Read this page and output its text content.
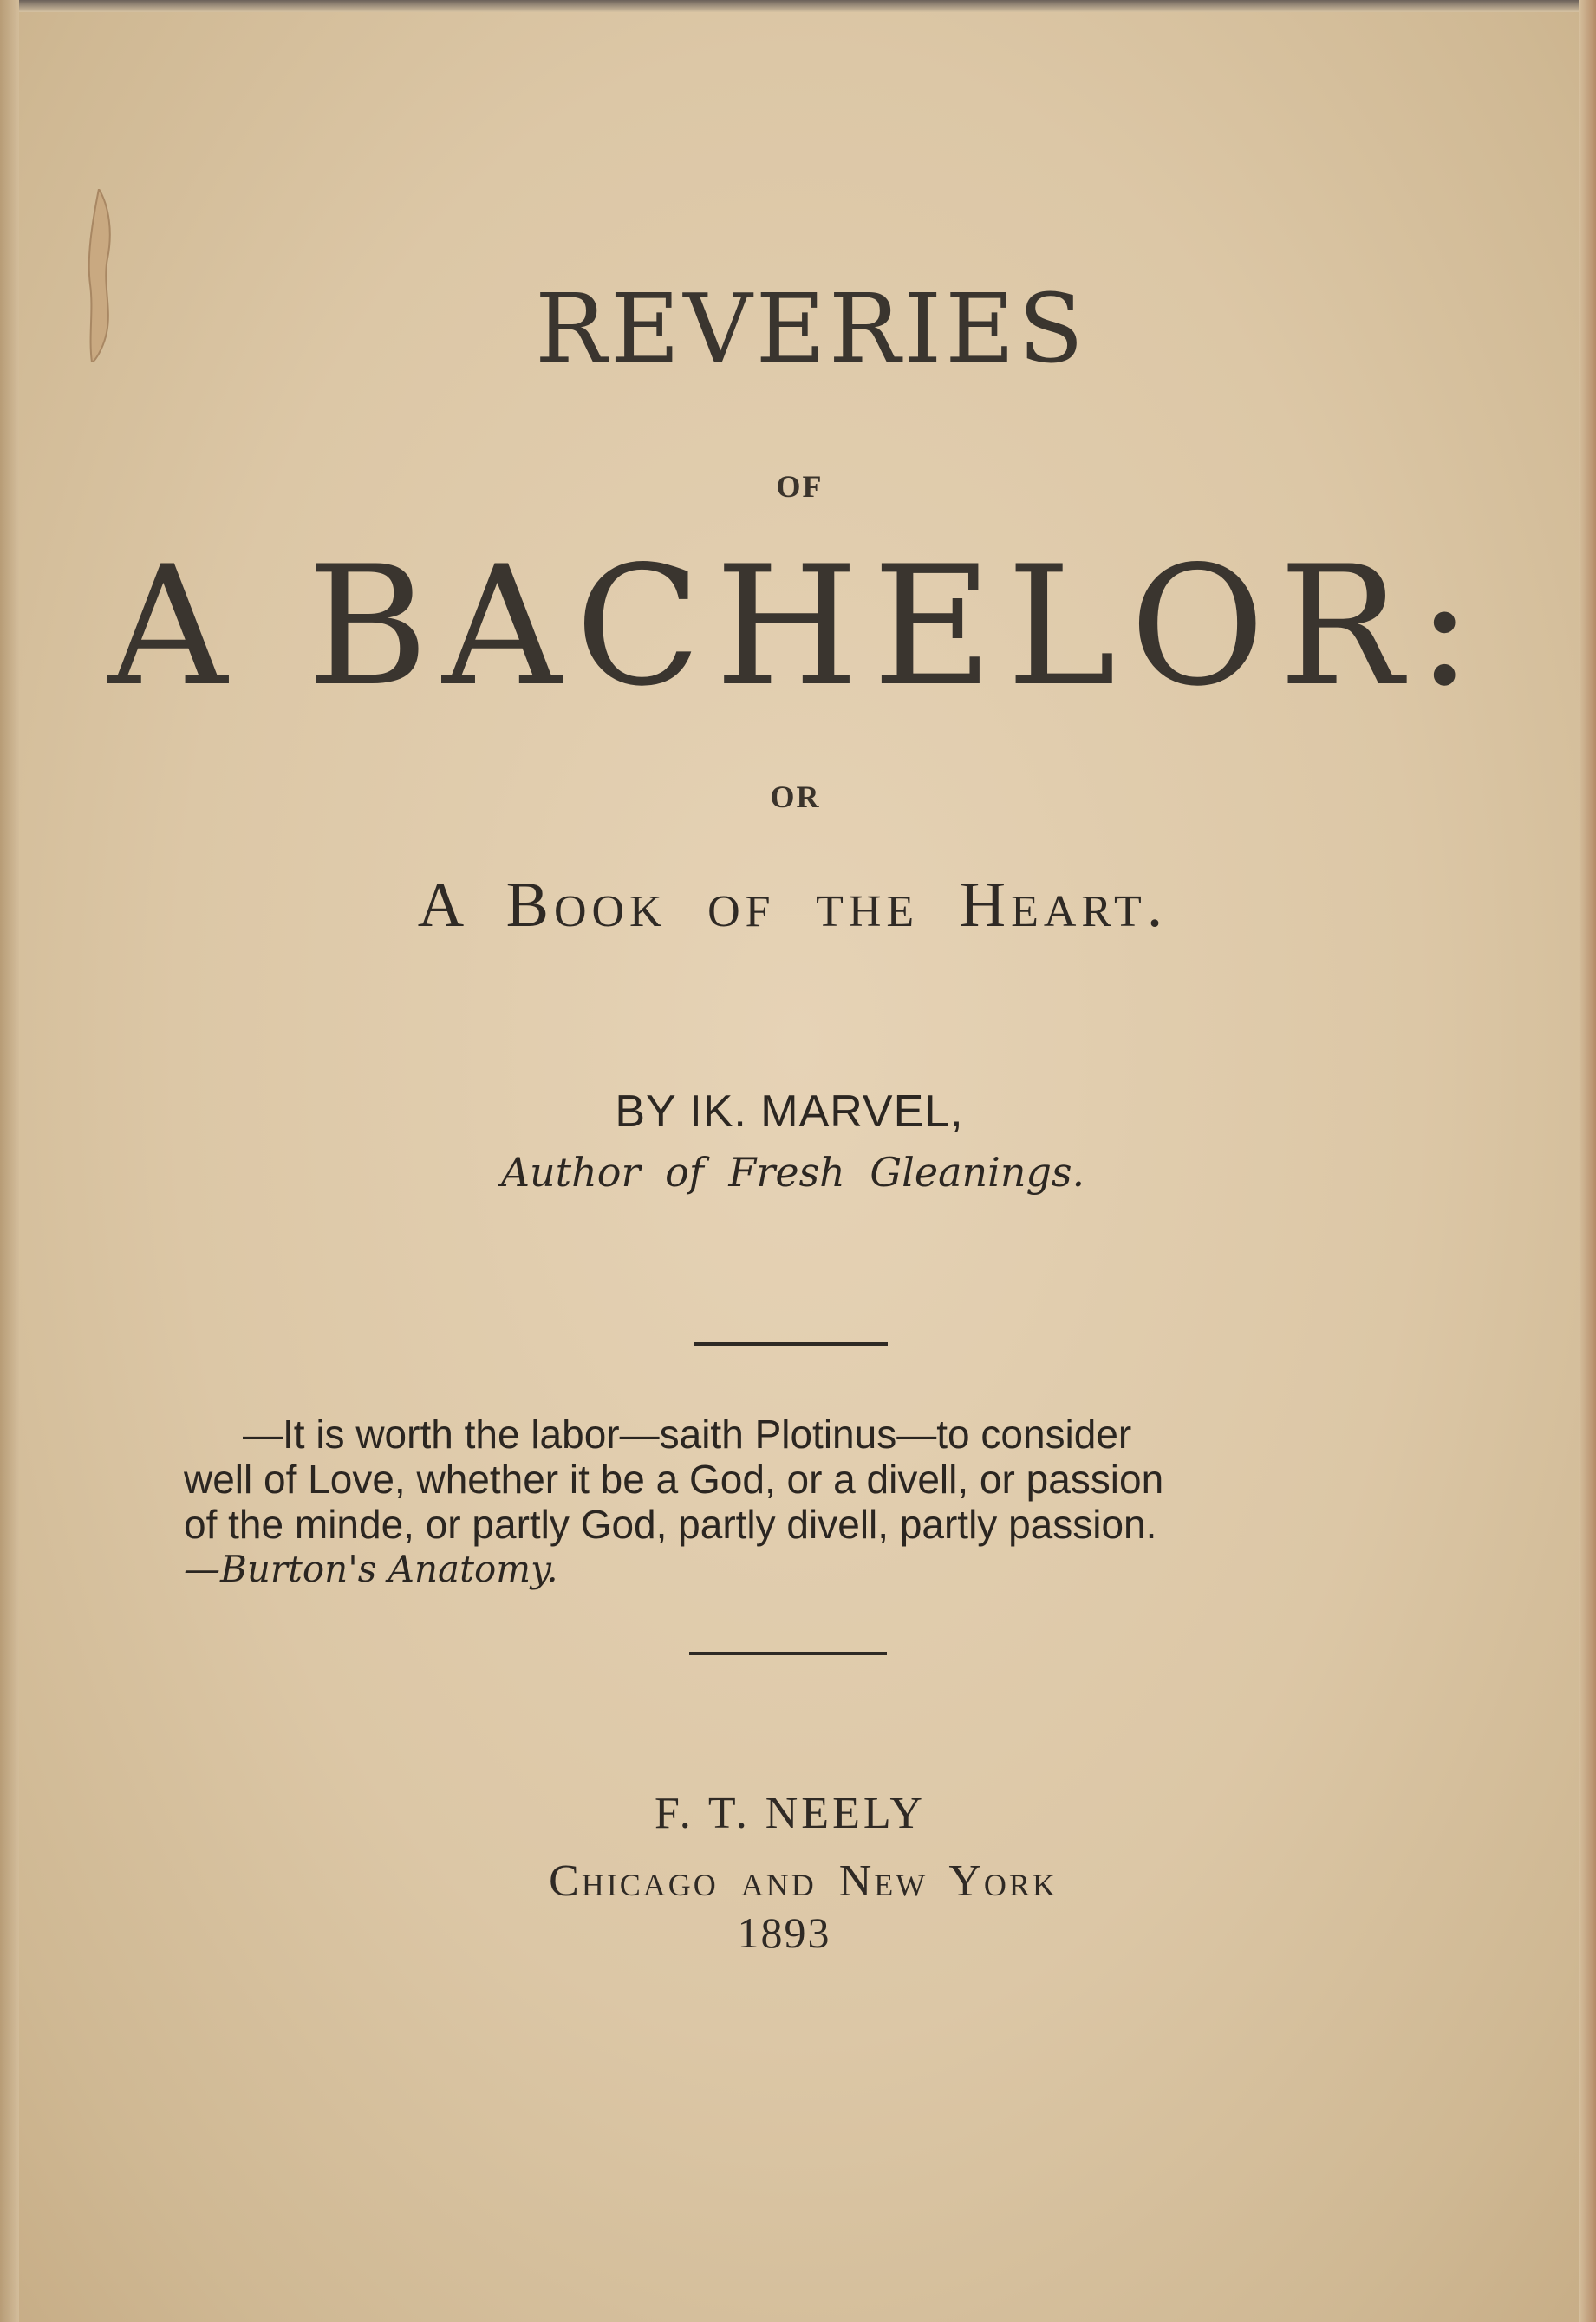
REVERIES
OF
A BACHELOR:
OR
A Book of the Heart.
BY IK. MARVEL,
Author of Fresh Gleanings.
—It is worth the labor—saith Plotinus—to consider
well of Love, whether it be a God, or a divell, or passion
of the minde, or partly God, partly divell, partly passion.
—Burton's Anatomy.
F. T. NEELY
Chicago and New York
1893
